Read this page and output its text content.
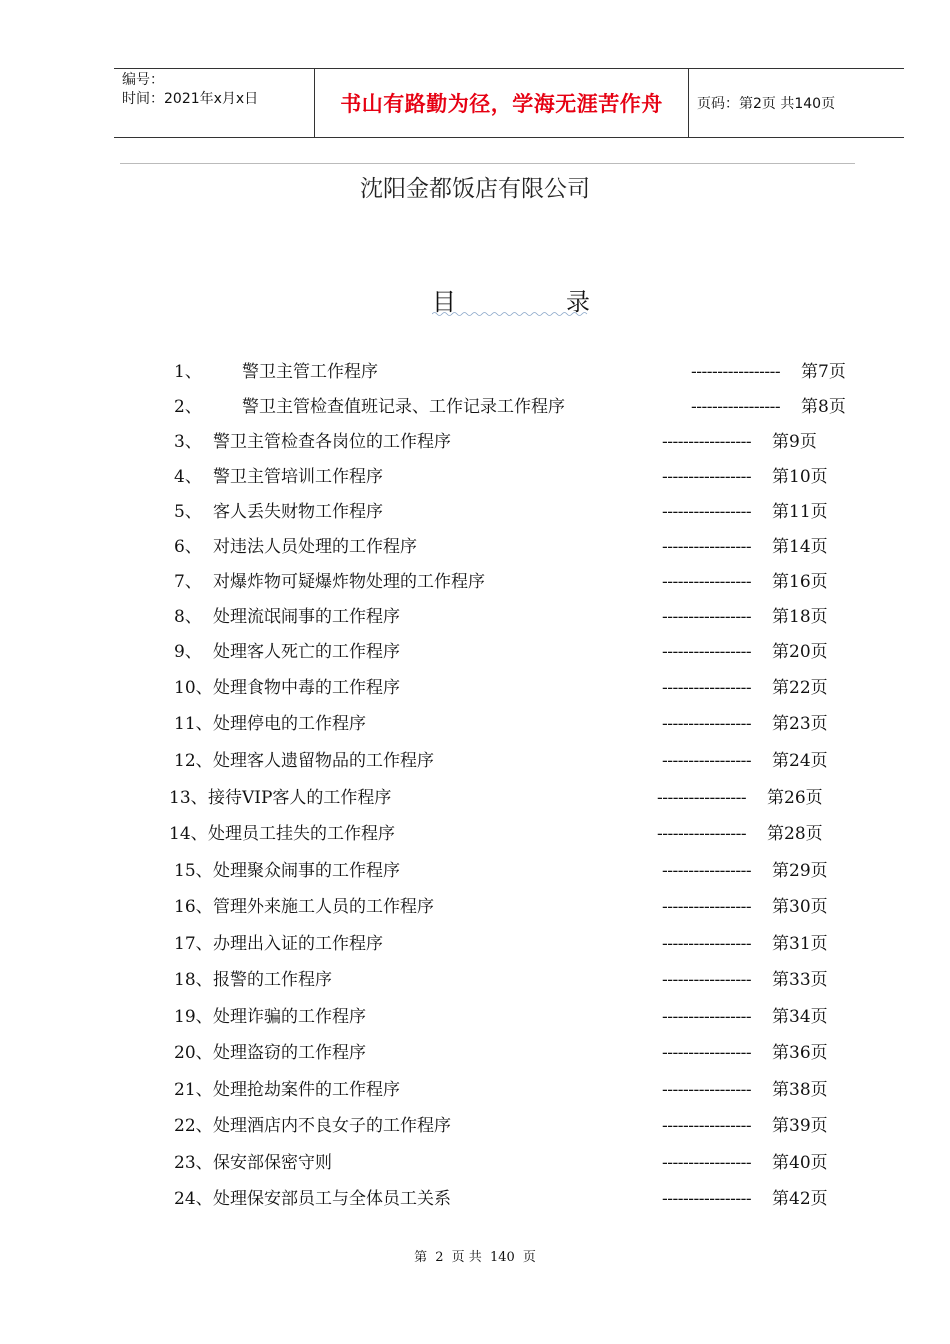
编号：
时间：2021年x月x日	书山有路勤为径，学海无涯苦作舟 页码：第2页 共140页
沈阳金都饭店有限公司
目	录
1、 警卫主管工作程序	----------------- 第7页
2、 警卫主管检查值班记录、工作记录工作程序	----------------- 第8页
3、 警卫主管检查各岗位的工作程序	----------------- 第9页
4、 警卫主管培训工作程序	----------------- 第10页
5、 客人丢失财物工作程序	----------------- 第11页
6、 对违法人员处理的工作程序	----------------- 第14页
7、 对爆炸物可疑爆炸物处理的工作程序	----------------- 第16页
8、 处理流氓闹事的工作程序	----------------- 第18页
9、 处理客人死亡的工作程序	----------------- 第20页
10、 处理食物中毒的工作程序	----------------- 第22页
11、 处理停电的工作程序	----------------- 第23页
12、 处理客人遗留物品的工作程序	----------------- 第24页
13、 接待VIP客人的工作程序	----------------- 第26页
14、 处理员工挂失的工作程序	----------------- 第28页
15、 处理聚众闹事的工作程序	----------------- 第29页
16、 管理外来施工人员的工作程序	----------------- 第30页
17、 办理出入证的工作程序	----------------- 第31页
18、 报警的工作程序	----------------- 第33页
19、 处理诈骗的工作程序	----------------- 第34页
20、 处理盗窃的工作程序	----------------- 第36页
21、 处理抢劫案件的工作程序	----------------- 第38页
22、 处理酒店内不良女子的工作程序	----------------- 第39页
23、 保安部保密守则	----------------- 第40页
24、 处理保安部员工与全体员工关系	----------------- 第42页
第 2 页 共 140 页
